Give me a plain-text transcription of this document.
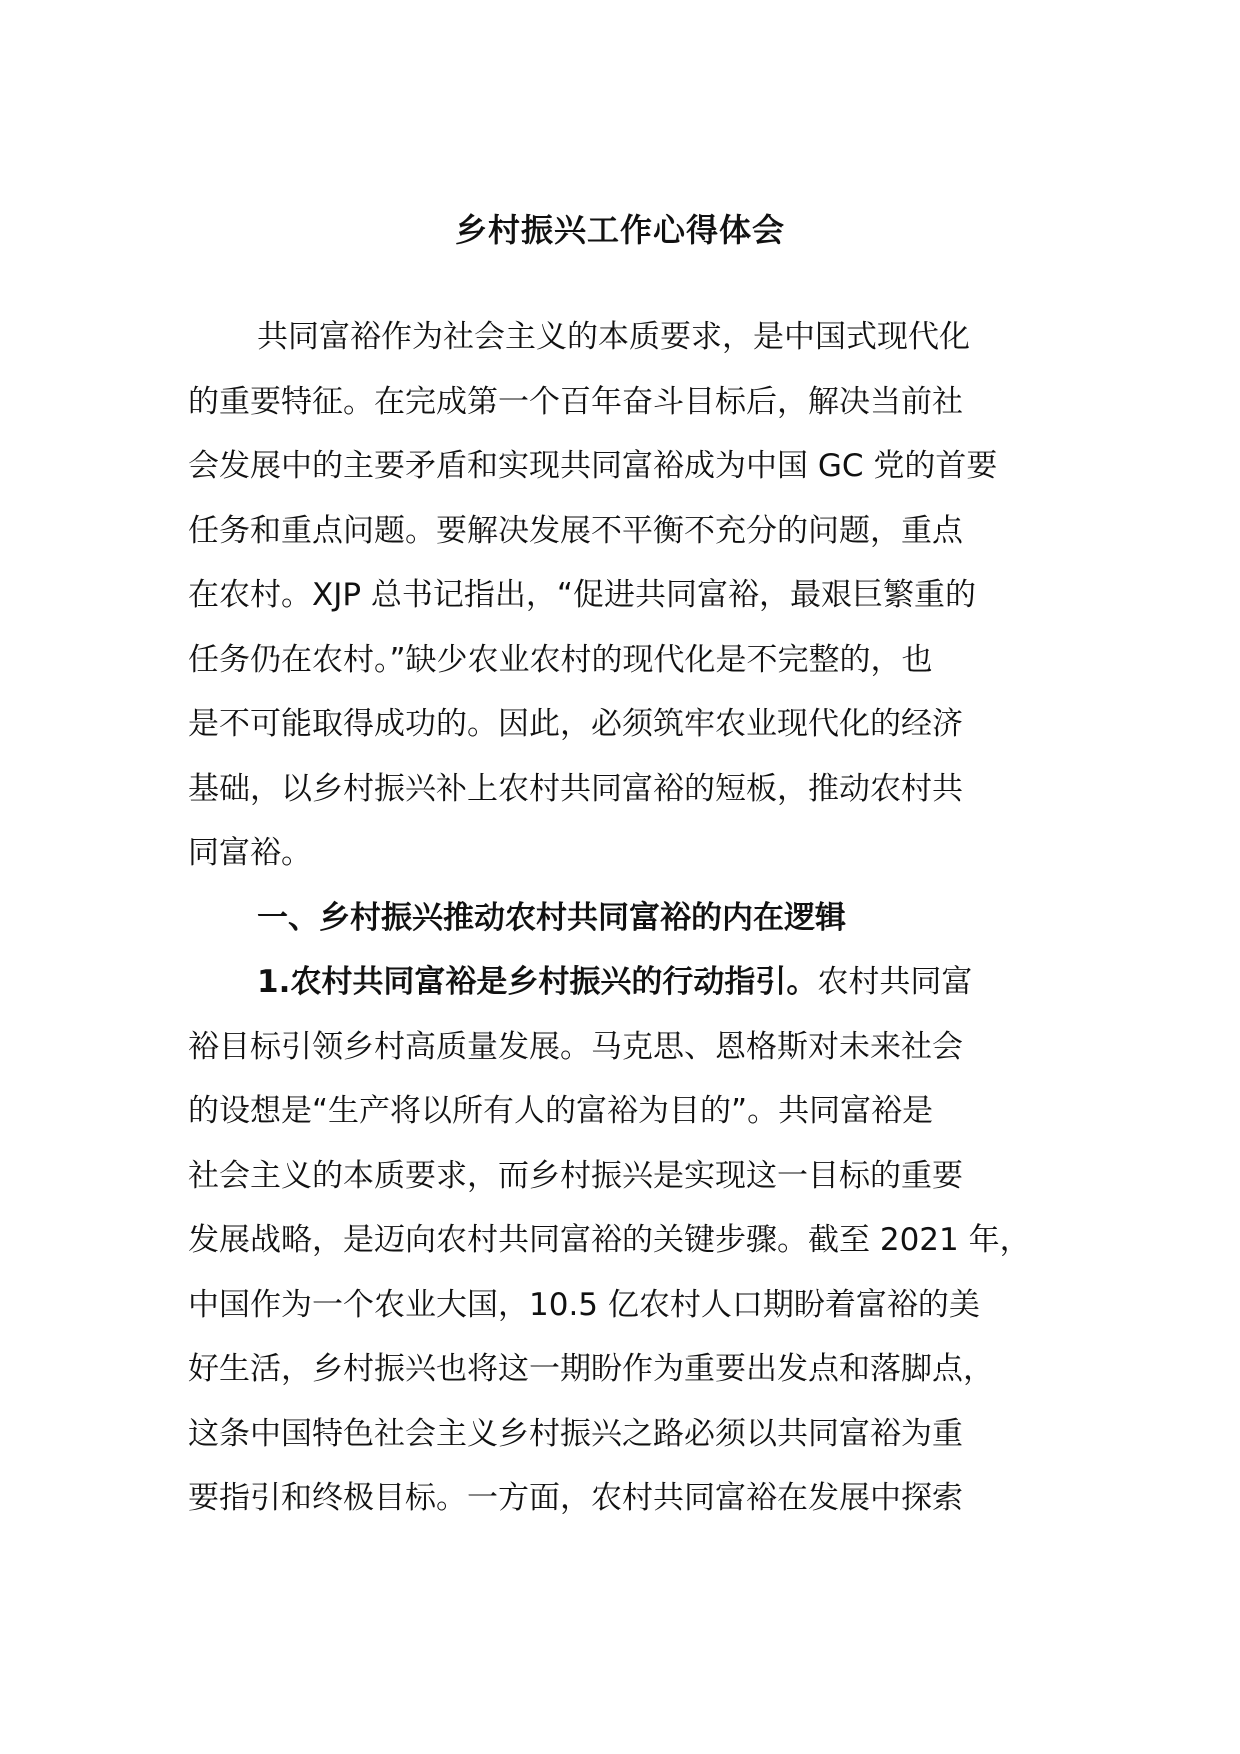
乡村振兴工作心得体会
共同富裕作为社会主义的本质要求，是中国式现代化
的重要特征。在完成第一个百年奋斗目标后，解决当前社
会发展中的主要矛盾和实现共同富裕成为中国 GC 党的首要
任务和重点问题。要解决发展不平衡不充分的问题，重点
在农村。XJP 总书记指出，“促进共同富裕，最艰巨繁重的
任务仍在农村。”缺少农业农村的现代化是不完整的，也
是不可能取得成功的。因此，必须筑牢农业现代化的经济
基础，以乡村振兴补上农村共同富裕的短板，推动农村共
同富裕。
一、乡村振兴推动农村共同富裕的内在逻辑
1.农村共同富裕是乡村振兴的行动指引。农村共同富
裕目标引领乡村高质量发展。马克思、恩格斯对未来社会
的设想是“生产将以所有人的富裕为目的”。共同富裕是
社会主义的本质要求，而乡村振兴是实现这一目标的重要
发展战略，是迈向农村共同富裕的关键步骤。截至 2021 年，
中国作为一个农业大国，10.5 亿农村人口期盼着富裕的美
好生活，乡村振兴也将这一期盼作为重要出发点和落脚点，
这条中国特色社会主义乡村振兴之路必须以共同富裕为重
要指引和终极目标。一方面，农村共同富裕在发展中探索
